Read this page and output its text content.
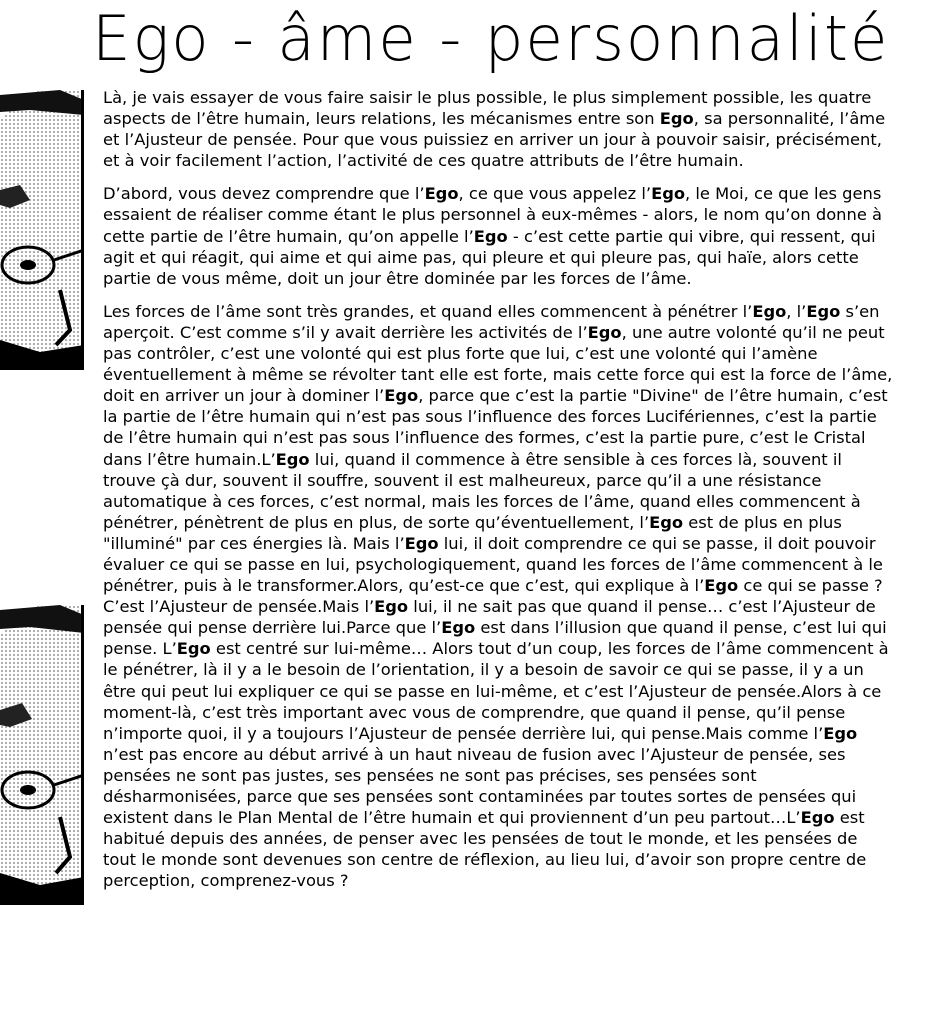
Ego - âme - personnalité

Là, je vais essayer de vous faire saisir le plus possible, le plus simplement possible, les quatre aspects de l’être humain, leurs relations, les mécanismes entre son Ego, sa personnalité, l’âme et l’Ajusteur de pensée. Pour que vous puissiez en arriver un jour à pouvoir saisir, précisément, et à voir facilement l’action, l’activité de ces quatre attributs de l’être humain.

D’abord, vous devez comprendre que l’Ego, ce que vous appelez l’Ego, le Moi, ce que les gens essaient de réaliser comme étant le plus personnel à eux-mêmes - alors, le nom qu’on donne à cette partie de l’être humain, qu’on appelle l’Ego - c’est cette partie qui vibre, qui ressent, qui agit et qui réagit, qui aime et qui aime pas, qui pleure et qui pleure pas, qui haïe, alors cette partie de vous même, doit un jour être dominée par les forces de l’âme.

Les forces de l’âme sont très grandes, et quand elles commencent à pénétrer l’Ego, l’Ego s’en aperçoit. C’est comme s’il y avait derrière les activités de l’Ego, une autre volonté qu’il ne peut pas contrôler, c’est une volonté qui est plus forte que lui, c’est une volonté qui l’amène éventuellement à même se révolter tant elle est forte, mais cette force qui est la force de l’âme, doit en arriver un jour à dominer l’Ego, parce que c’est la partie "Divine" de l’être humain, c’est la partie de l’être humain qui n’est pas sous l’influence des forces Lucifériennes, c’est la partie de l’être humain qui n’est pas sous l’influence des formes, c’est la partie pure, c’est le Cristal dans l’être humain.L’Ego lui, quand il commence à être sensible à ces forces là, souvent il trouve çà dur, souvent il souffre, souvent il est malheureux, parce qu’il a une résistance automatique à ces forces, c’est normal, mais les forces de l’âme, quand elles commencent à pénétrer, pénètrent de plus en plus, de sorte qu’éventuellement, l’Ego est de plus en plus "illuminé" par ces énergies là. Mais l’Ego lui, il doit comprendre ce qui se passe, il doit pouvoir évaluer ce qui se passe en lui, psychologiquement, quand les forces de l’âme commencent à le pénétrer, puis à le transformer.Alors, qu’est-ce que c’est, qui explique à l’Ego ce qui se passe ?C’est l’Ajusteur de pensée.Mais l’Ego lui, il ne sait pas que quand il pense… c’est l’Ajusteur de pensée qui pense derrière lui.Parce que l’Ego est dans l’illusion que quand il pense, c’est lui qui pense. L’Ego est centré sur lui-même… Alors tout d’un coup, les forces de l’âme commencent à le pénétrer, là il y a le besoin de l’orientation, il y a besoin de savoir ce qui se passe, il y a un être qui peut lui expliquer ce qui se passe en lui-même, et c’est l’Ajusteur de pensée.Alors à ce moment-là, c’est très important avec vous de comprendre, que quand il pense, qu’il pense n’importe quoi, il y a toujours l’Ajusteur de pensée derrière lui, qui pense.Mais comme l’Ego n’est pas encore au début arrivé à un haut niveau de fusion avec l’Ajusteur de pensée, ses pensées ne sont pas justes, ses pensées ne sont pas précises, ses pensées sont désharmonisées, parce que ses pensées sont contaminées par toutes sortes de pensées qui existent dans le Plan Mental de l’être humain et qui proviennent d’un peu partout…L’Ego est habitué depuis des années, de penser avec les pensées de tout le monde, et les pensées de tout le monde sont devenues son centre de réflexion, au lieu lui, d’avoir son propre centre de perception, comprenez-vous ?
